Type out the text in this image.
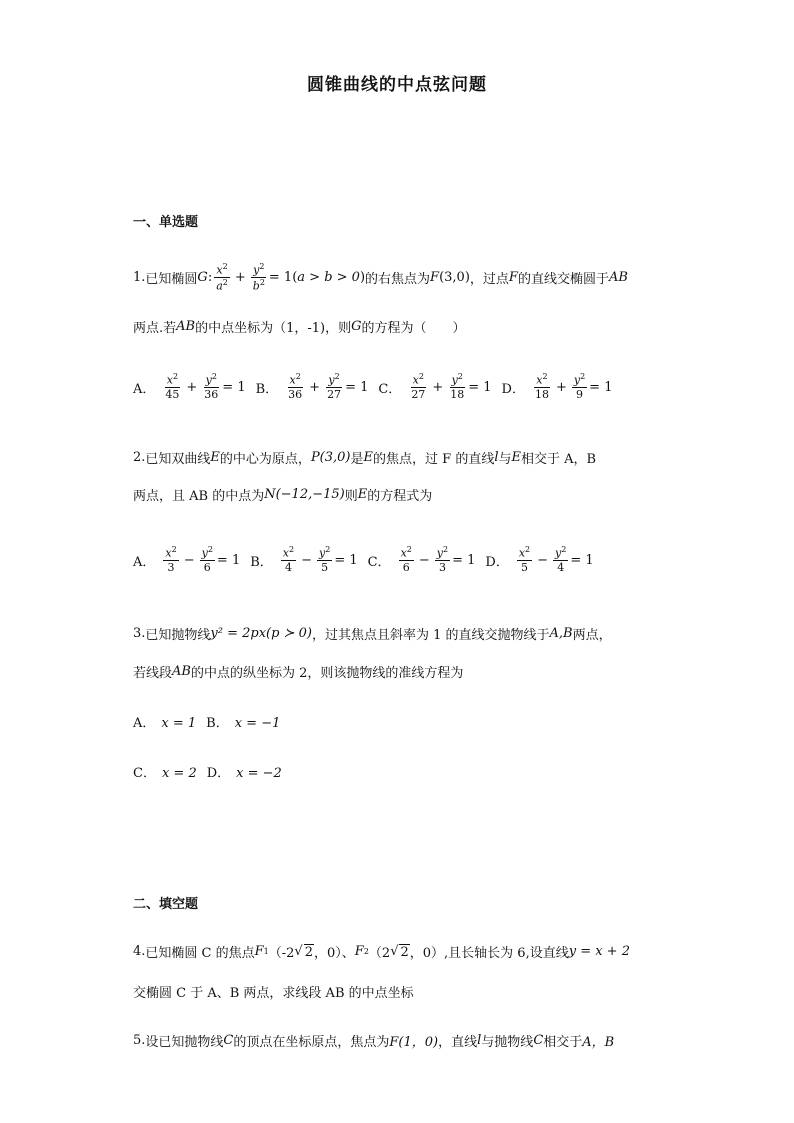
圆锥曲线的中点弦问题
一、单选题
1. 已知椭圆 G : $\frac{x^2}{a^2} + \frac{y^2}{b^2} = 1$( a > b > 0 ) 的右焦点为 F (3,0) ，过点 F 的直线交椭圆于 AB
两点.若 AB 的中点坐标为（1，-1)，则 G 的方程为（　　）
A． $\frac{x^2}{45} + \frac{y^2}{36} = 1$ B． $\frac{x^2}{36} + \frac{y^2}{27} = 1$ C． $\frac{x^2}{27} + \frac{y^2}{18} = 1$ D． $\frac{x^2}{18} + \frac{y^2}{9} = 1$
2. 已知双曲线 E 的中心为原点， P(3,0) 是 E 的焦点，过 F 的直线 l 与 E 相交于 A，B
两点，且 AB 的中点为 N(−12,−15) 则 E 的方程式为
A． $\frac{x^2}{3} - \frac{y^2}{6} = 1$ B． $\frac{x^2}{4} - \frac{y^2}{5} = 1$ C． $\frac{x^2}{6} - \frac{y^2}{3} = 1$ D． $\frac{x^2}{5} - \frac{y^2}{4} = 1$
3. 已知抛物线 y² = 2px(p ≻ 0) ，过其焦点且斜率为 1 的直线交抛物线于 A,B 两点，
若线段 AB 的中点的纵坐标为 2，则该抛物线的准线方程为
A． x = 1 B． x = −1
C． x = 2 D． x = −2
二、填空题
4. 已知椭圆 C 的焦点 F 1 （-2 √ 2 ，0）、 F 2 （2 √ 2 ，0）,且长轴长为 6,设直线 y = x + 2
交椭圆 C 于 A、B 两点，求线段 AB 的中点坐标
5. 设已知抛物线 C 的顶点在坐标原点，焦点为 F(1，0) ，直线 l 与抛物线 C 相交于 A，B
